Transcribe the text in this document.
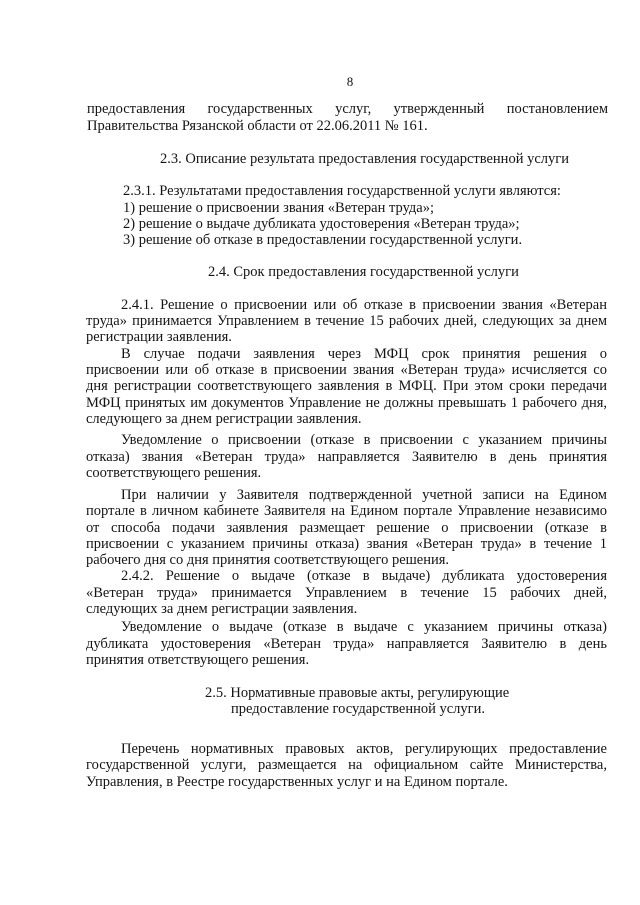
8
предоставления государственных услуг, утвержденный постановлением
Правительства Рязанской области от 22.06.2011 № 161.
2.3. Описание результата предоставления государственной услуги
2.3.1. Результатами предоставления государственной услуги являются:
1) решение о присвоении звания «Ветеран труда»;
2) решение о выдаче дубликата удостоверения «Ветеран труда»;
3) решение об отказе в предоставлении государственной услуги.
2.4. Срок предоставления государственной услуги
2.4.1. Решение о присвоении или об отказе в присвоении звания «Ветеран
труда» принимается Управлением в течение 15 рабочих дней, следующих за днем
регистрации заявления.
В случае подачи заявления через МФЦ срок принятия решения о
присвоении или об отказе в присвоении звания «Ветеран труда» исчисляется со
дня регистрации соответствующего заявления в МФЦ. При этом сроки передачи
МФЦ принятых им документов Управление не должны превышать 1 рабочего дня,
следующего за днем регистрации заявления.
Уведомление о присвоении (отказе в присвоении с указанием причины
отказа) звания «Ветеран труда» направляется Заявителю в день принятия
соответствующего решения.
При наличии у Заявителя подтвержденной учетной записи на Едином
портале в личном кабинете Заявителя на Едином портале Управление независимо
от способа подачи заявления размещает решение о присвоении (отказе в
присвоении с указанием причины отказа) звания «Ветеран труда» в течение 1
рабочего дня со дня принятия соответствующего решения.
2.4.2. Решение о выдаче (отказе в выдаче) дубликата удостоверения
«Ветеран труда» принимается Управлением в течение 15 рабочих дней,
следующих за днем регистрации заявления.
Уведомление о выдаче (отказе в выдаче с указанием причины отказа)
дубликата удостоверения «Ветеран труда» направляется Заявителю в день
принятия ответствующего решения.
2.5. Нормативные правовые акты, регулирующие
предоставление государственной услуги.
Перечень нормативных правовых актов, регулирующих предоставление
государственной услуги, размещается на официальном сайте Министерства,
Управления, в Реестре государственных услуг и на Едином портале.
